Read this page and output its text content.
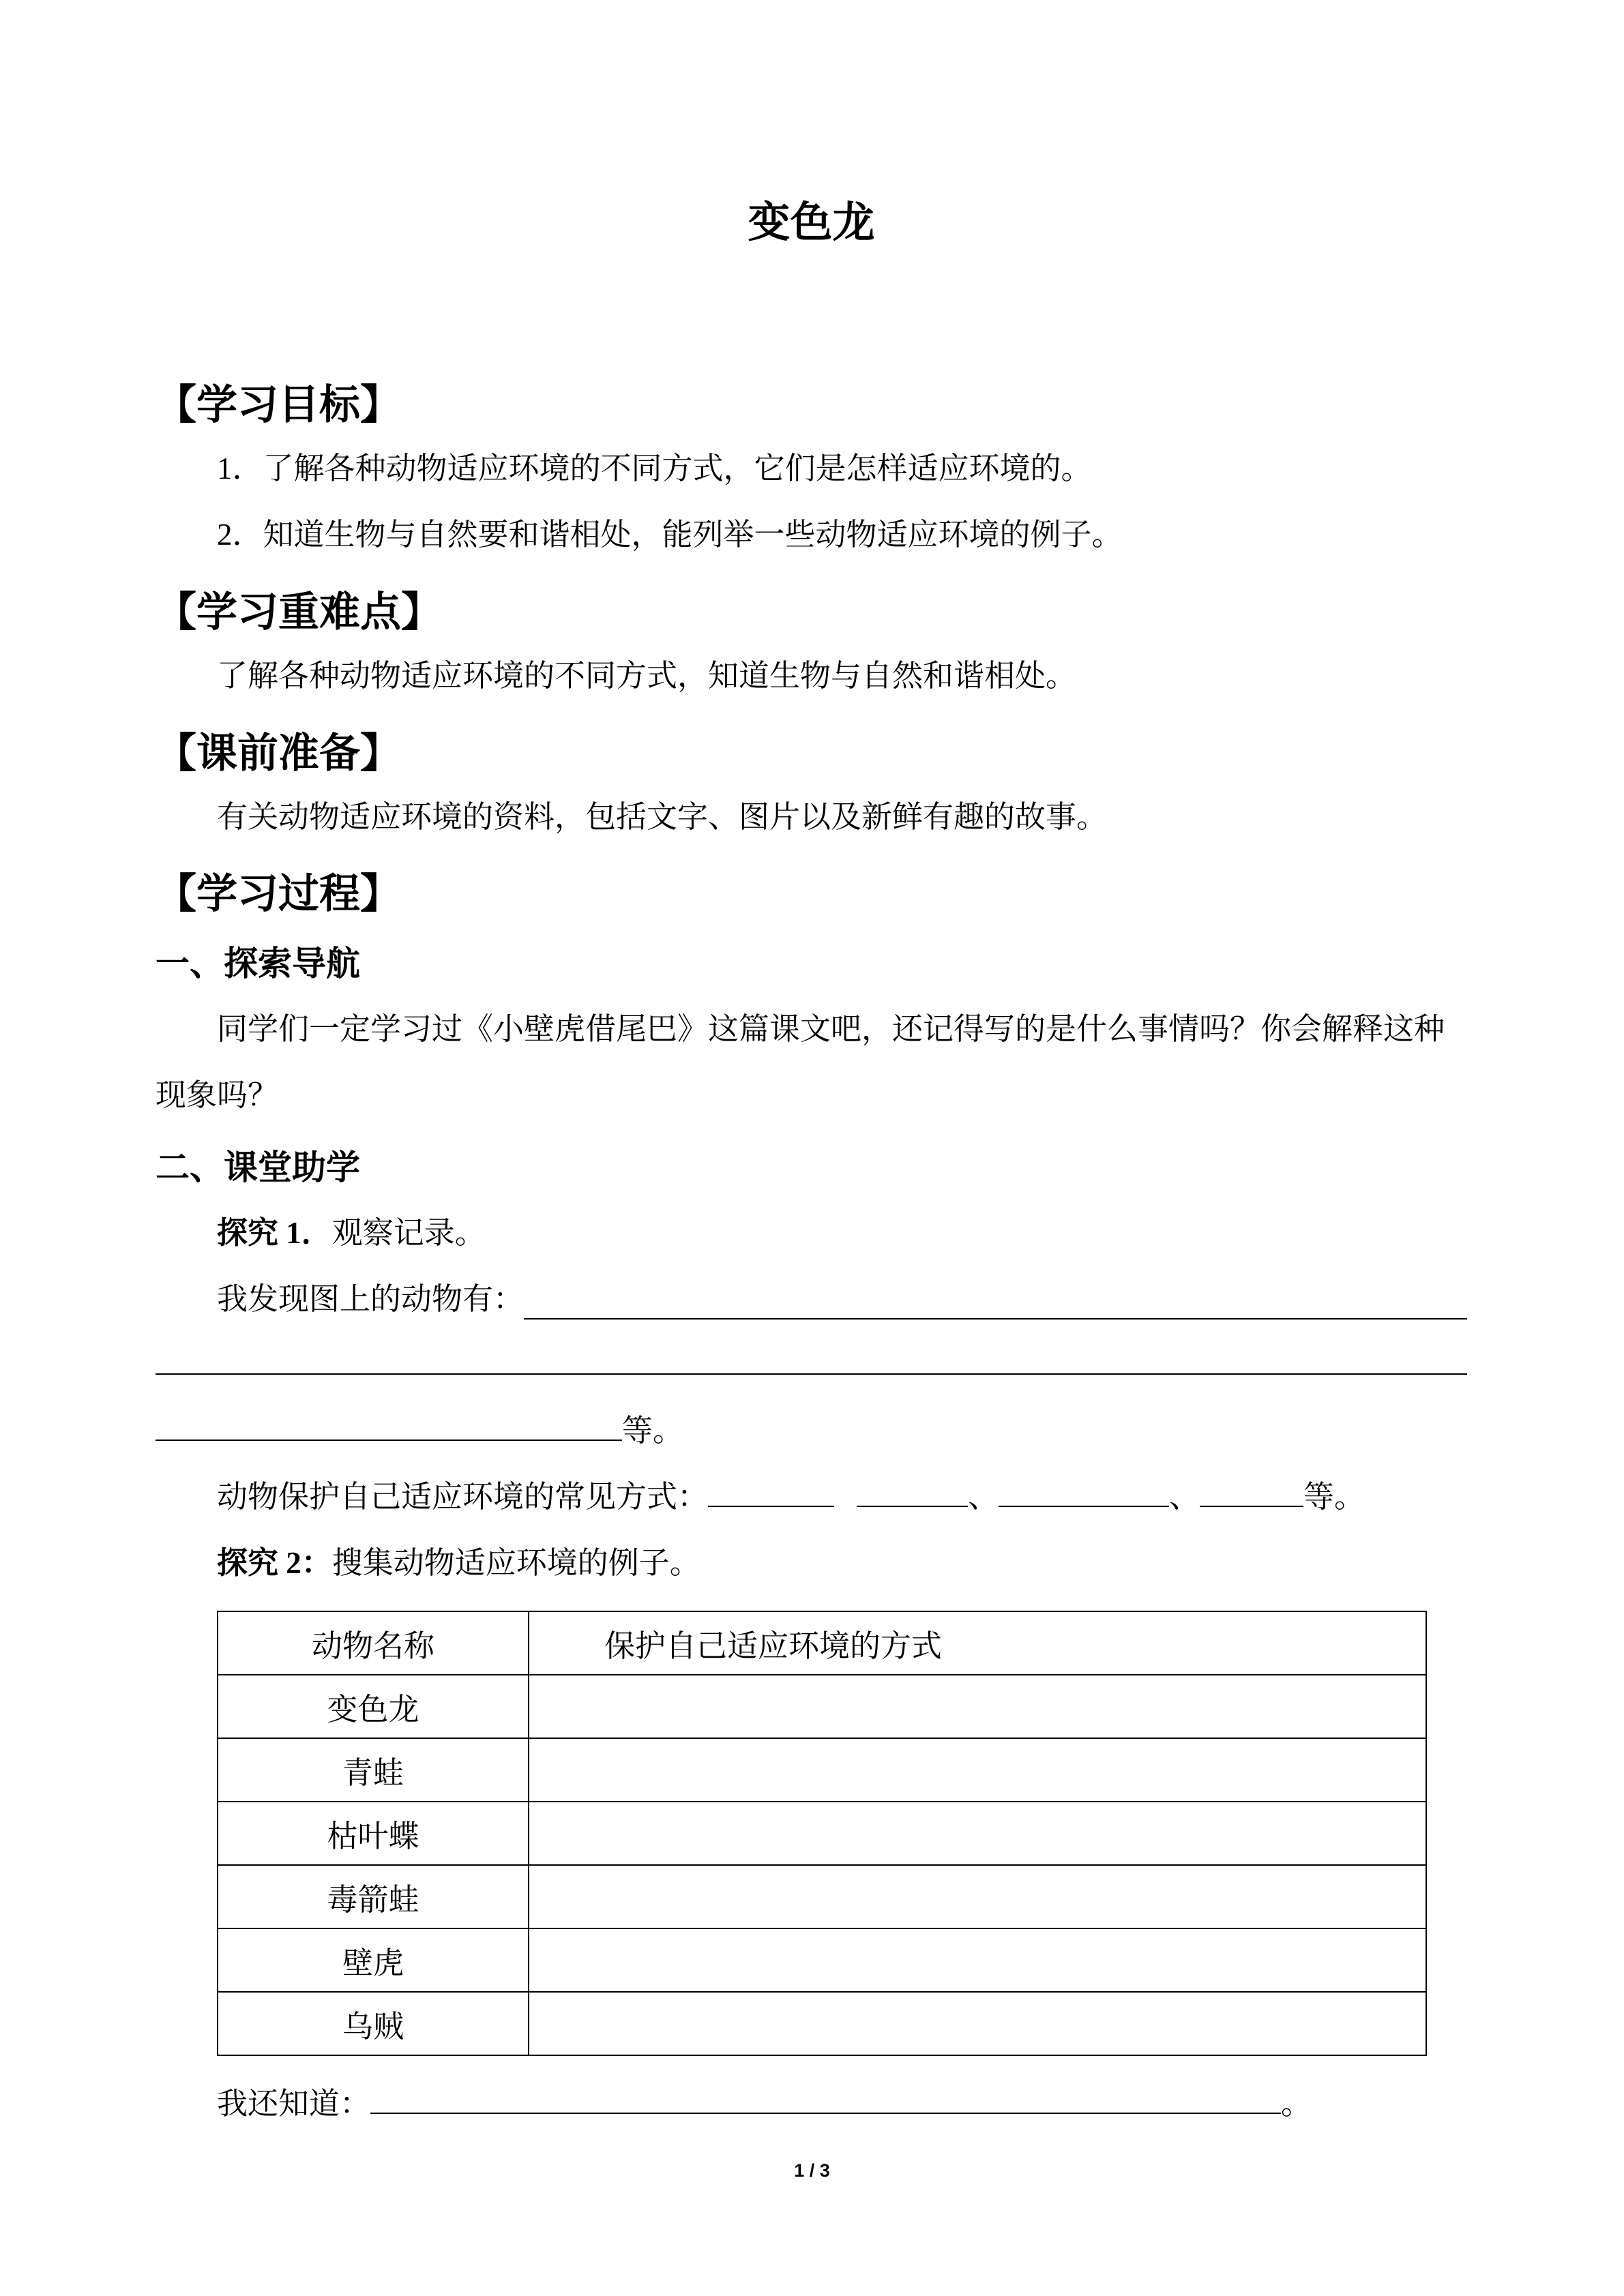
变色龙
【学习目标】
1．了解各种动物适应环境的不同方式，它们是怎样适应环境的。
2．知道生物与自然要和谐相处，能列举一些动物适应环境的例子。
【学习重难点】
了解各种动物适应环境的不同方式，知道生物与自然和谐相处。
【课前准备】
有关动物适应环境的资料，包括文字、图片以及新鲜有趣的故事。
【学习过程】
一、探索导航
同学们一定学习过《小壁虎借尾巴》这篇课文吧，还记得写的是什么事情吗？你会解释这种现象吗？
二、课堂助学
探究 1．观察记录。
我发现图上的动物有：
等。
动物保护自己适应环境的常见方式：	、	、	等。
探究 2：搜集动物适应环境的例子。
动物名称	保护自己适应环境的方式
变色龙	
青蛙	
枯叶蝶	
毒箭蛙	
壁虎	
乌贼	
我还知道：	。
1 / 3
